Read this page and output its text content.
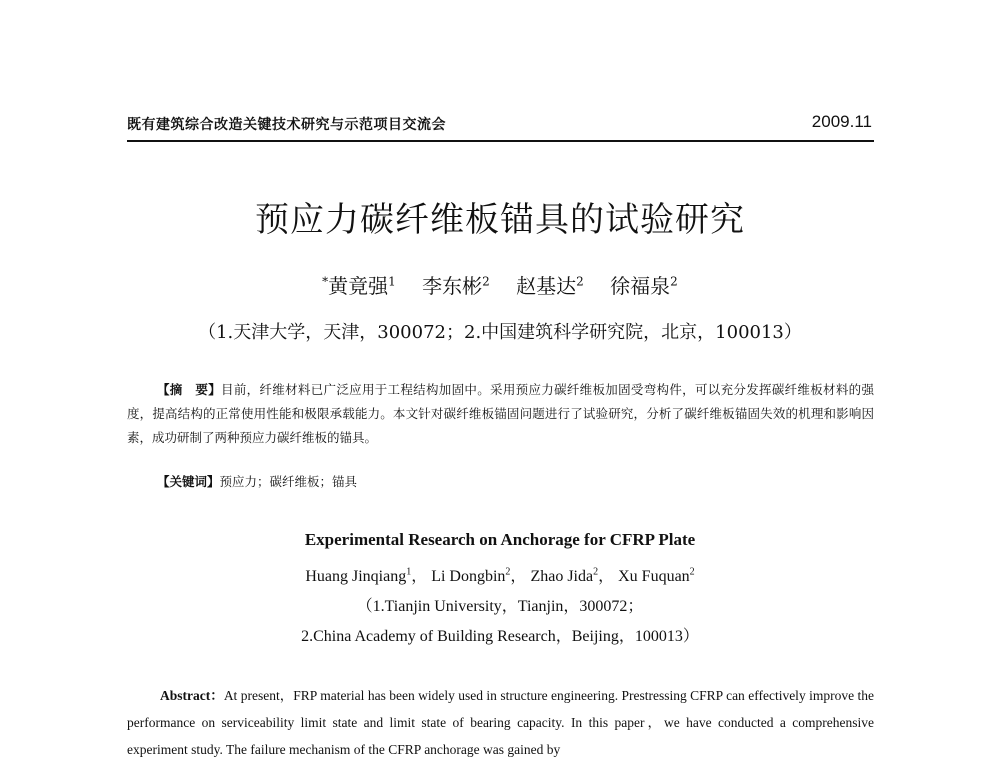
既有建筑综合改造关键技术研究与示范项目交流会	2009.11
预应力碳纤维板锚具的试验研究
*黄竟强$^1$ 李东彬$^2$ 赵基达$^2$ 徐福泉$^2$
（1.天津大学，天津，300072；2.中国建筑科学研究院，北京，100013）
【摘　要】目前，纤维材料已广泛应用于工程结构加固中。采用预应力碳纤维板加固受弯构件，可以充分发挥碳纤维板材料的强度，提高结构的正常使用性能和极限承载能力。本文针对碳纤维板锚固问题进行了试验研究，分析了碳纤维板锚固失效的机理和影响因素，成功研制了两种预应力碳纤维板的锚具。
【关键词】预应力；碳纤维板；锚具
Experimental Research on Anchorage for CFRP Plate
Huang Jinqiang$^1$， Li Dongbin$^2$， Zhao Jida$^2$， Xu Fuquan$^2$
（1.Tianjin University，Tianjin，300072；
2.China Academy of Building Research，Beijing，100013）
Abstract：At present，FRP material has been widely used in structure engineering. Prestressing CFRP can effectively improve the performance on serviceability limit state and limit state of bearing capacity. In this paper，we have conducted a comprehensive experiment study. The failure mechanism of the CFRP anchorage was gained by
